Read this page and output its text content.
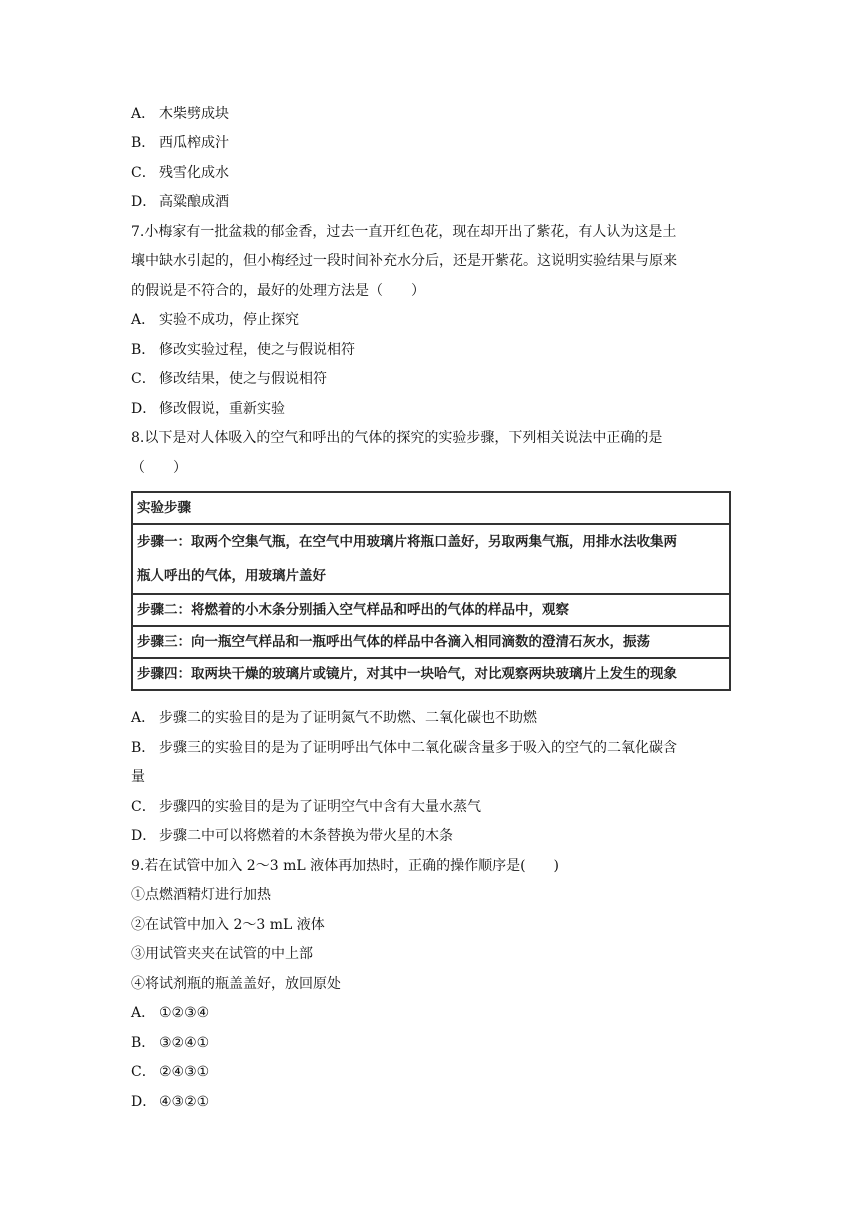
A． 木柴劈成块
B． 西瓜榨成汁
C． 残雪化成水
D． 高粱酿成酒
7.小梅家有一批盆栽的郁金香，过去一直开红色花，现在却开出了紫花，有人认为这是土
壤中缺水引起的，但小梅经过一段时间补充水分后，还是开紫花。这说明实验结果与原来
的假说是不符合的，最好的处理方法是（　　）
A． 实验不成功，停止探究
B． 修改实验过程，使之与假说相符
C． 修改结果，使之与假说相符
D． 修改假说，重新实验
8.以下是对人体吸入的空气和呼出的气体的探究的实验步骤，下列相关说法中正确的是
（　　）
实验步骤
步骤一：取两个空集气瓶，在空气中用玻璃片将瓶口盖好，另取两集气瓶，用排水法收集两
瓶人呼出的气体，用玻璃片盖好
步骤二：将燃着的小木条分别插入空气样品和呼出的气体的样品中，观察
步骤三：向一瓶空气样品和一瓶呼出气体的样品中各滴入相同滴数的澄清石灰水，振荡
步骤四：取两块干燥的玻璃片或镜片，对其中一块哈气，对比观察两块玻璃片上发生的现象
A． 步骤二的实验目的是为了证明氮气不助燃、二氧化碳也不助燃
B． 步骤三的实验目的是为了证明呼出气体中二氧化碳含量多于吸入的空气的二氧化碳含
量
C． 步骤四的实验目的是为了证明空气中含有大量水蒸气
D． 步骤二中可以将燃着的木条替换为带火星的木条
9.若在试管中加入 2～3 mL 液体再加热时，正确的操作顺序是(　　)
①点燃酒精灯进行加热
②在试管中加入 2～3 mL 液体
③用试管夹夹在试管的中上部
④将试剂瓶的瓶盖盖好，放回原处
A． ①②③④
B． ③②④①
C． ②④③①
D． ④③②①
